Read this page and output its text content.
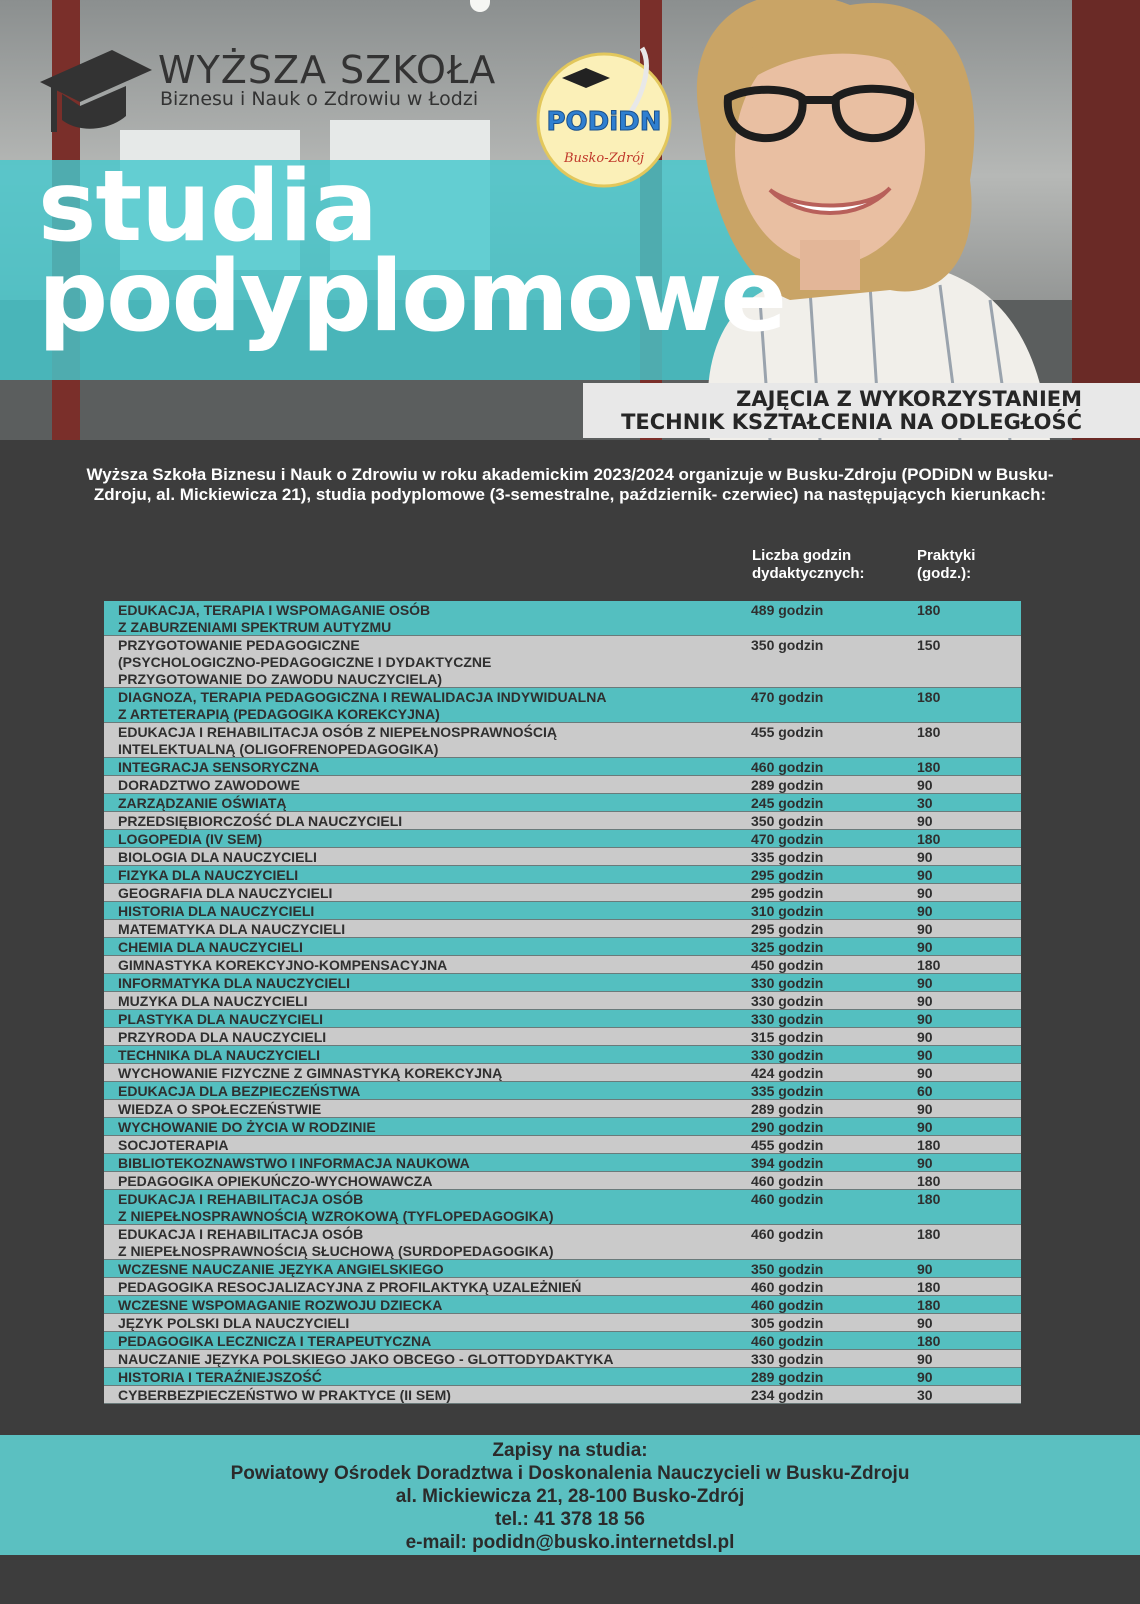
WYŻSZA SZKOŁA
Biznesu i Nauk o Zdrowiu w Łodzi
PODiDN
Busko-Zdrój
studia
podyplomowe
ZAJĘCIA Z WYKORZYSTANIEM
TECHNIK KSZTAŁCENIA NA ODLEGŁOŚĆ
Wyższa Szkoła Biznesu i Nauk o Zdrowiu w roku akademickim 2023/2024 organizuje w Busku-Zdroju (PODiDN w Busku-Zdroju, al. Mickiewicza 21), studia podyplomowe (3-semestralne, październik- czerwiec) na następujących kierunkach:
Liczba godzin
dydaktycznych:
Praktyki
(godz.):
EDUKACJA, TERAPIA I WSPOMAGANIE OSÓB
Z ZABURZENIAMI SPEKTRUM AUTYZMU
489 godzin	180
PRZYGOTOWANIE PEDAGOGICZNE
(PSYCHOLOGICZNO-PEDAGOGICZNE I DYDAKTYCZNE
PRZYGOTOWANIE DO ZAWODU NAUCZYCIELA)
350 godzin	150
DIAGNOZA, TERAPIA PEDAGOGICZNA I REWALIDACJA INDYWIDUALNA
Z ARTETERAPIĄ (PEDAGOGIKA KOREKCYJNA)
470 godzin	180
EDUKACJA I REHABILITACJA OSÓB Z NIEPEŁNOSPRAWNOŚCIĄ
INTELEKTUALNĄ (OLIGOFRENOPEDAGOGIKA)
455 godzin	180
INTEGRACJA SENSORYCZNA	460 godzin	180
DORADZTWO ZAWODOWE	289 godzin	90
ZARZĄDZANIE OŚWIATĄ	245 godzin	30
PRZEDSIĘBIORCZOŚĆ DLA NAUCZYCIELI	350 godzin	90
LOGOPEDIA (IV SEM)	470 godzin	180
BIOLOGIA DLA NAUCZYCIELI	335 godzin	90
FIZYKA DLA NAUCZYCIELI	295 godzin	90
GEOGRAFIA DLA NAUCZYCIELI	295 godzin	90
HISTORIA DLA NAUCZYCIELI	310 godzin	90
MATEMATYKA DLA NAUCZYCIELI	295 godzin	90
CHEMIA DLA NAUCZYCIELI	325 godzin	90
GIMNASTYKA KOREKCYJNO-KOMPENSACYJNA	450 godzin	180
INFORMATYKA DLA NAUCZYCIELI	330 godzin	90
MUZYKA DLA NAUCZYCIELI	330 godzin	90
PLASTYKA DLA NAUCZYCIELI	330 godzin	90
PRZYRODA DLA NAUCZYCIELI	315 godzin	90
TECHNIKA DLA NAUCZYCIELI	330 godzin	90
WYCHOWANIE FIZYCZNE Z GIMNASTYKĄ KOREKCYJNĄ	424 godzin	90
EDUKACJA DLA BEZPIECZEŃSTWA	335 godzin	60
WIEDZA O SPOŁECZEŃSTWIE	289 godzin	90
WYCHOWANIE DO ŻYCIA W RODZINIE	290 godzin	90
SOCJOTERAPIA	455 godzin	180
BIBLIOTEKOZNAWSTWO I INFORMACJA NAUKOWA	394 godzin	90
PEDAGOGIKA OPIEKUŃCZO-WYCHOWAWCZA	460 godzin	180
EDUKACJA I REHABILITACJA OSÓB
Z NIEPEŁNOSPRAWNOŚCIĄ WZROKOWĄ (TYFLOPEDAGOGIKA)
460 godzin	180
EDUKACJA I REHABILITACJA OSÓB
Z NIEPEŁNOSPRAWNOŚCIĄ SŁUCHOWĄ (SURDOPEDAGOGIKA)
460 godzin	180
WCZESNE NAUCZANIE JĘZYKA ANGIELSKIEGO	350 godzin	90
PEDAGOGIKA RESOCJALIZACYJNA Z PROFILAKTYKĄ UZALEŻNIEŃ	460 godzin	180
WCZESNE WSPOMAGANIE ROZWOJU DZIECKA	460 godzin	180
JĘZYK POLSKI DLA NAUCZYCIELI	305 godzin	90
PEDAGOGIKA LECZNICZA I TERAPEUTYCZNA	460 godzin	180
NAUCZANIE JĘZYKA POLSKIEGO JAKO OBCEGO - GLOTTODYDAKTYKA	330 godzin	90
HISTORIA I TERAŹNIEJSZOŚĆ	289 godzin	90
CYBERBEZPIECZEŃSTWO W PRAKTYCE (II SEM)	234 godzin	30
Zapisy na studia:
Powiatowy Ośrodek Doradztwa i Doskonalenia Nauczycieli w Busku-Zdroju
al. Mickiewicza 21, 28-100 Busko-Zdrój
tel.: 41 378 18 56
e-mail: podidn@busko.internetdsl.pl
